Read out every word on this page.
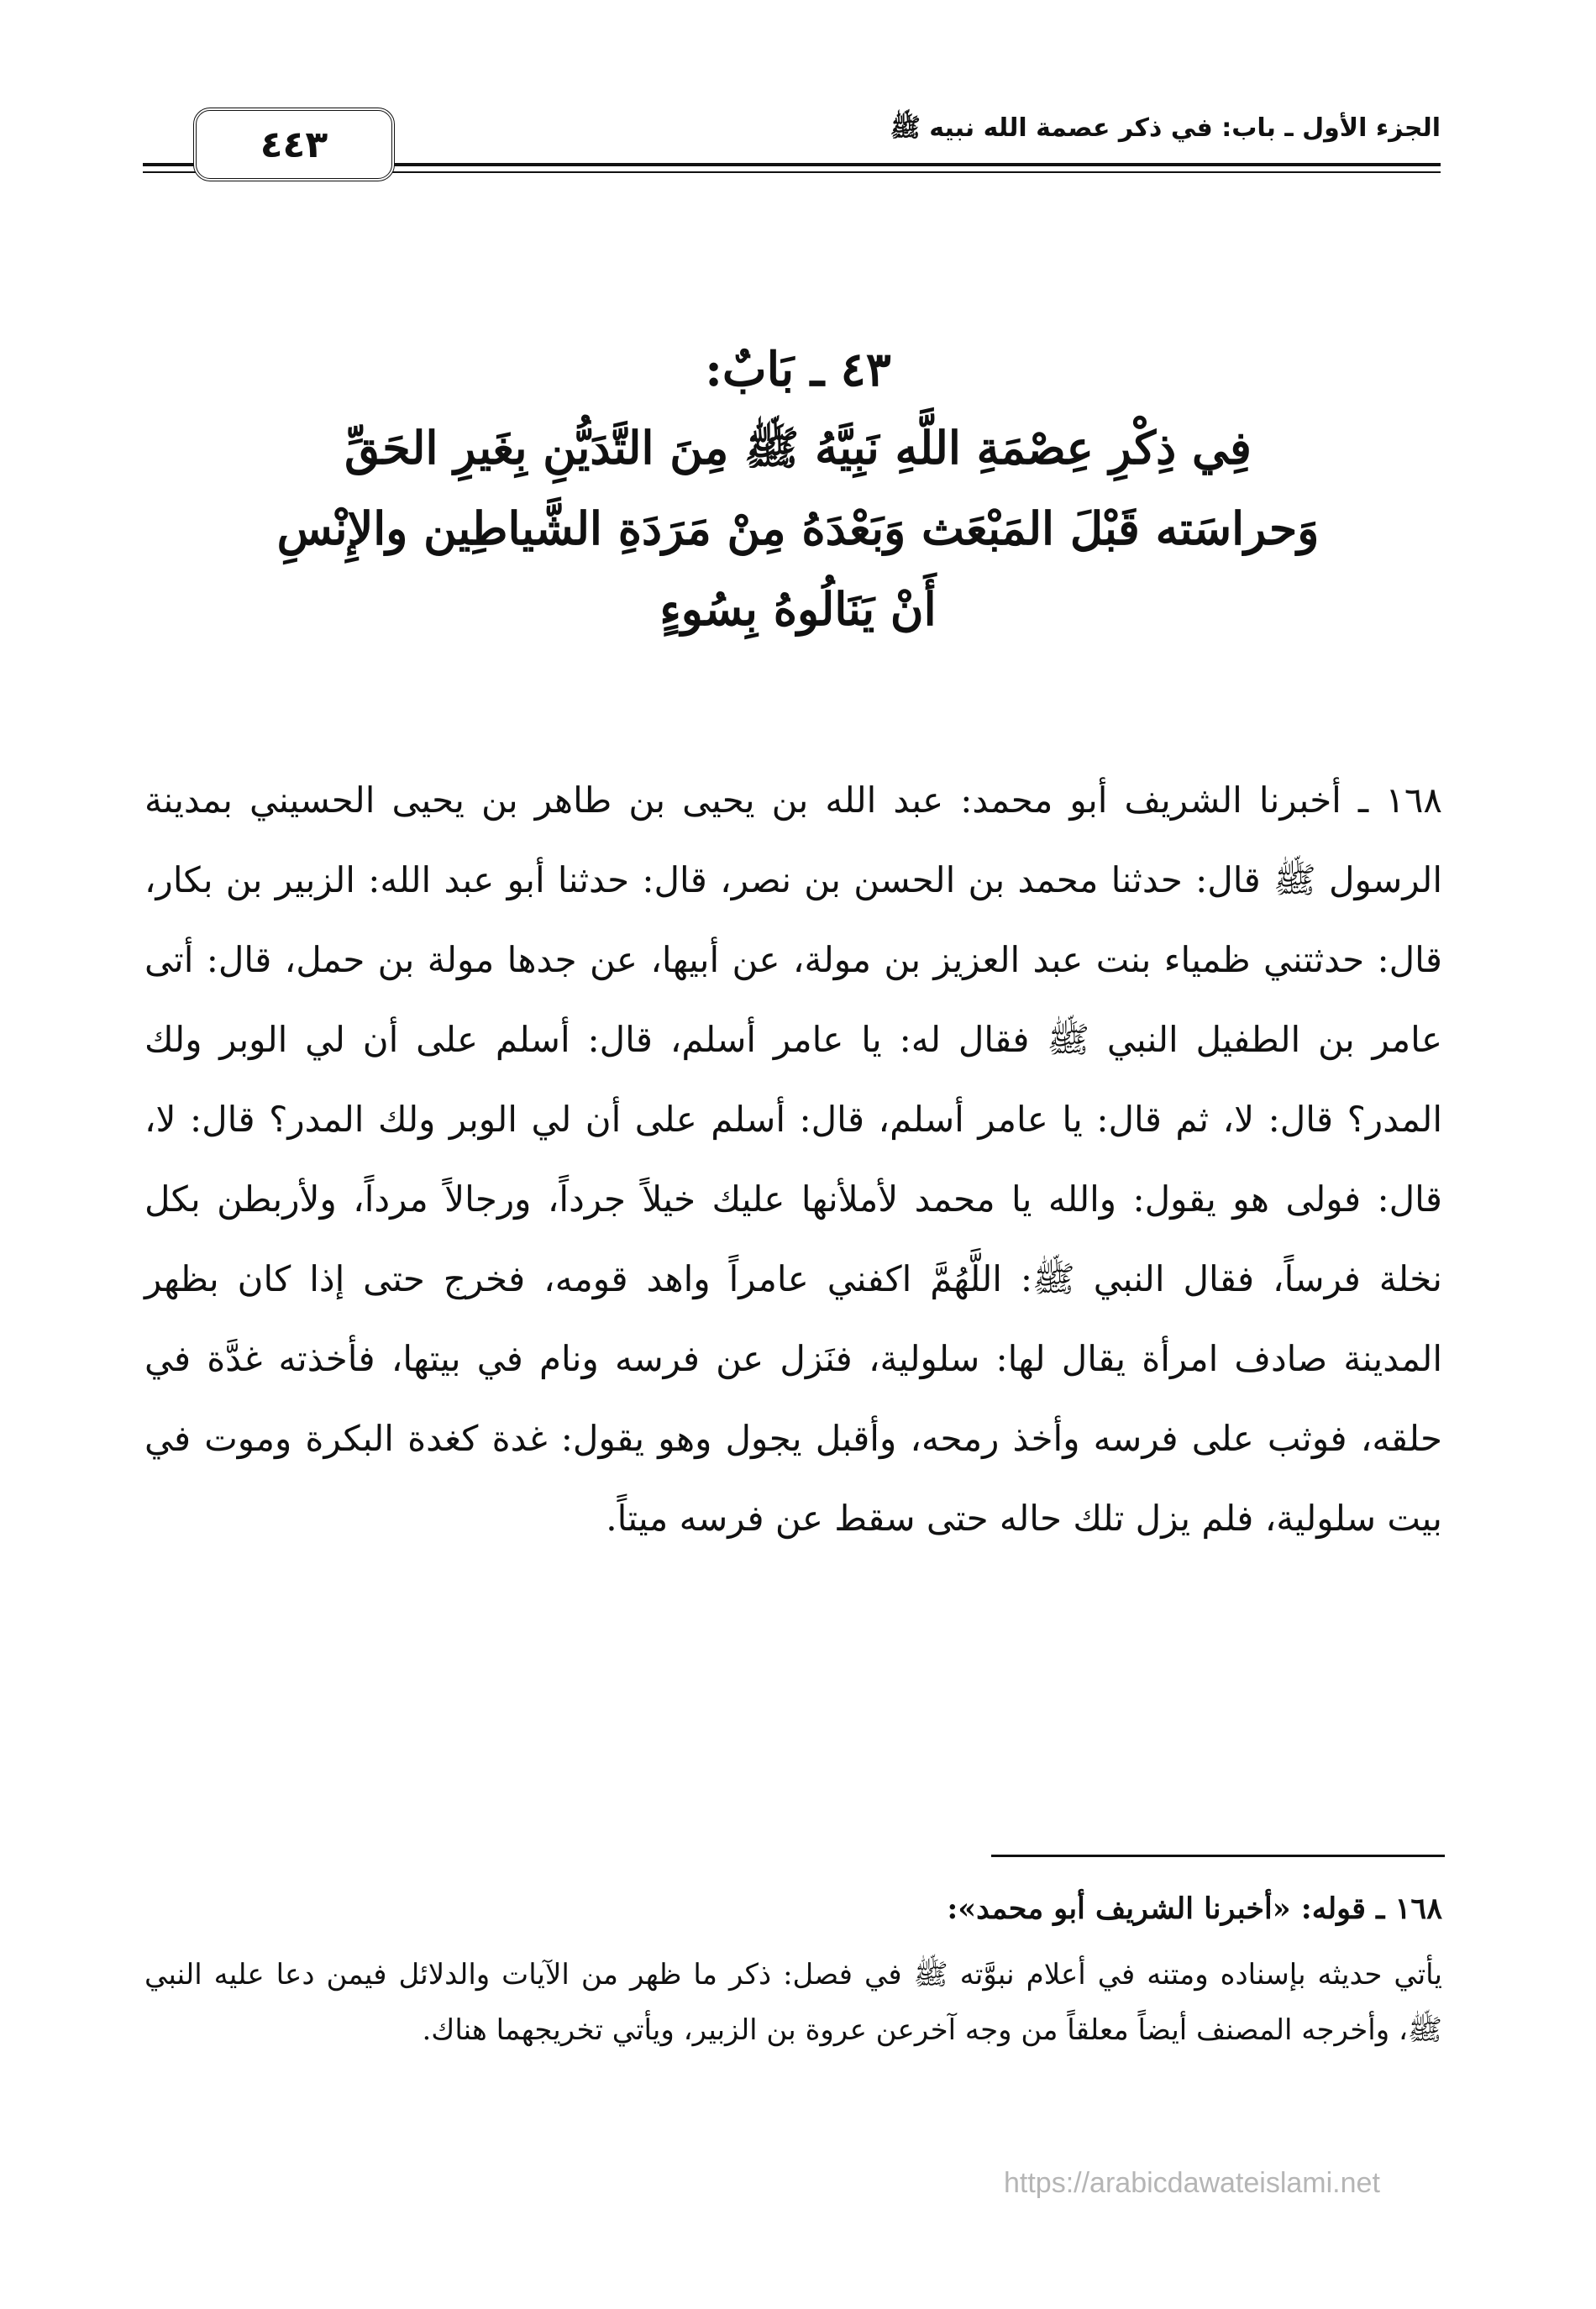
٤٤٣	الجزء الأول ـ باب: في ذكر عصمة الله نبيه ﷺ
٤٣ ـ بَابٌ:
فِي ذِكْرِ عِصْمَةِ اللَّهِ نَبِيَّهُ ﷺ مِنَ التَّدَيُّنِ بِغَيرِ الحَقِّ
وَحراسَته قَبْلَ المَبْعَث وَبَعْدَهُ مِنْ مَرَدَةِ الشَّياطِين والإِنْسِ
أَنْ يَنَالُوهُ بِسُوءٍ

١٦٨ ـ أخبرنا الشريف أبو محمد: عبد الله بن يحيى بن طاهر بن يحيى الحسيني بمدينة الرسول ﷺ قال: حدثنا محمد بن الحسن بن نصر، قال: حدثنا أبو عبد الله: الزبير بن بكار، قال: حدثتني ظمياء بنت عبد العزيز بن مولة، عن أبيها، عن جدها مولة بن حمل، قال: أتى عامر بن الطفيل النبي ﷺ فقال له: يا عامر أسلم، قال: أسلم على أن لي الوبر ولك المدر؟ قال: لا، ثم قال: يا عامر أسلم، قال: أسلم على أن لي الوبر ولك المدر؟ قال: لا، قال: فولى هو يقول: والله يا محمد لأملأنها عليك خيلاً جرداً، ورجالاً مرداً، ولأربطن بكل نخلة فرساً، فقال النبي ﷺ: اللَّهُمَّ اكفني عامراً واهد قومه، فخرج حتى إذا كان بظهر المدينة صادف امرأة يقال لها: سلولية، فنَزل عن فرسه ونام في بيتها، فأخذته غدَّة في حلقه، فوثب على فرسه وأخذ رمحه، وأقبل يجول وهو يقول: غدة كغدة البكرة وموت في بيت سلولية، فلم يزل تلك حاله حتى سقط عن فرسه ميتاً.

١٦٨ ـ قوله: «أخبرنا الشريف أبو محمد»:

يأتي حديثه بإسناده ومتنه في أعلام نبوَّته ﷺ في فصل: ذكر ما ظهر من الآيات والدلائل فيمن دعا عليه النبي ﷺ، وأخرجه المصنف أيضاً معلقاً من وجه آخرعن عروة بن الزبير، ويأتي تخريجهما هناك.

https://arabicdawateislami.net
